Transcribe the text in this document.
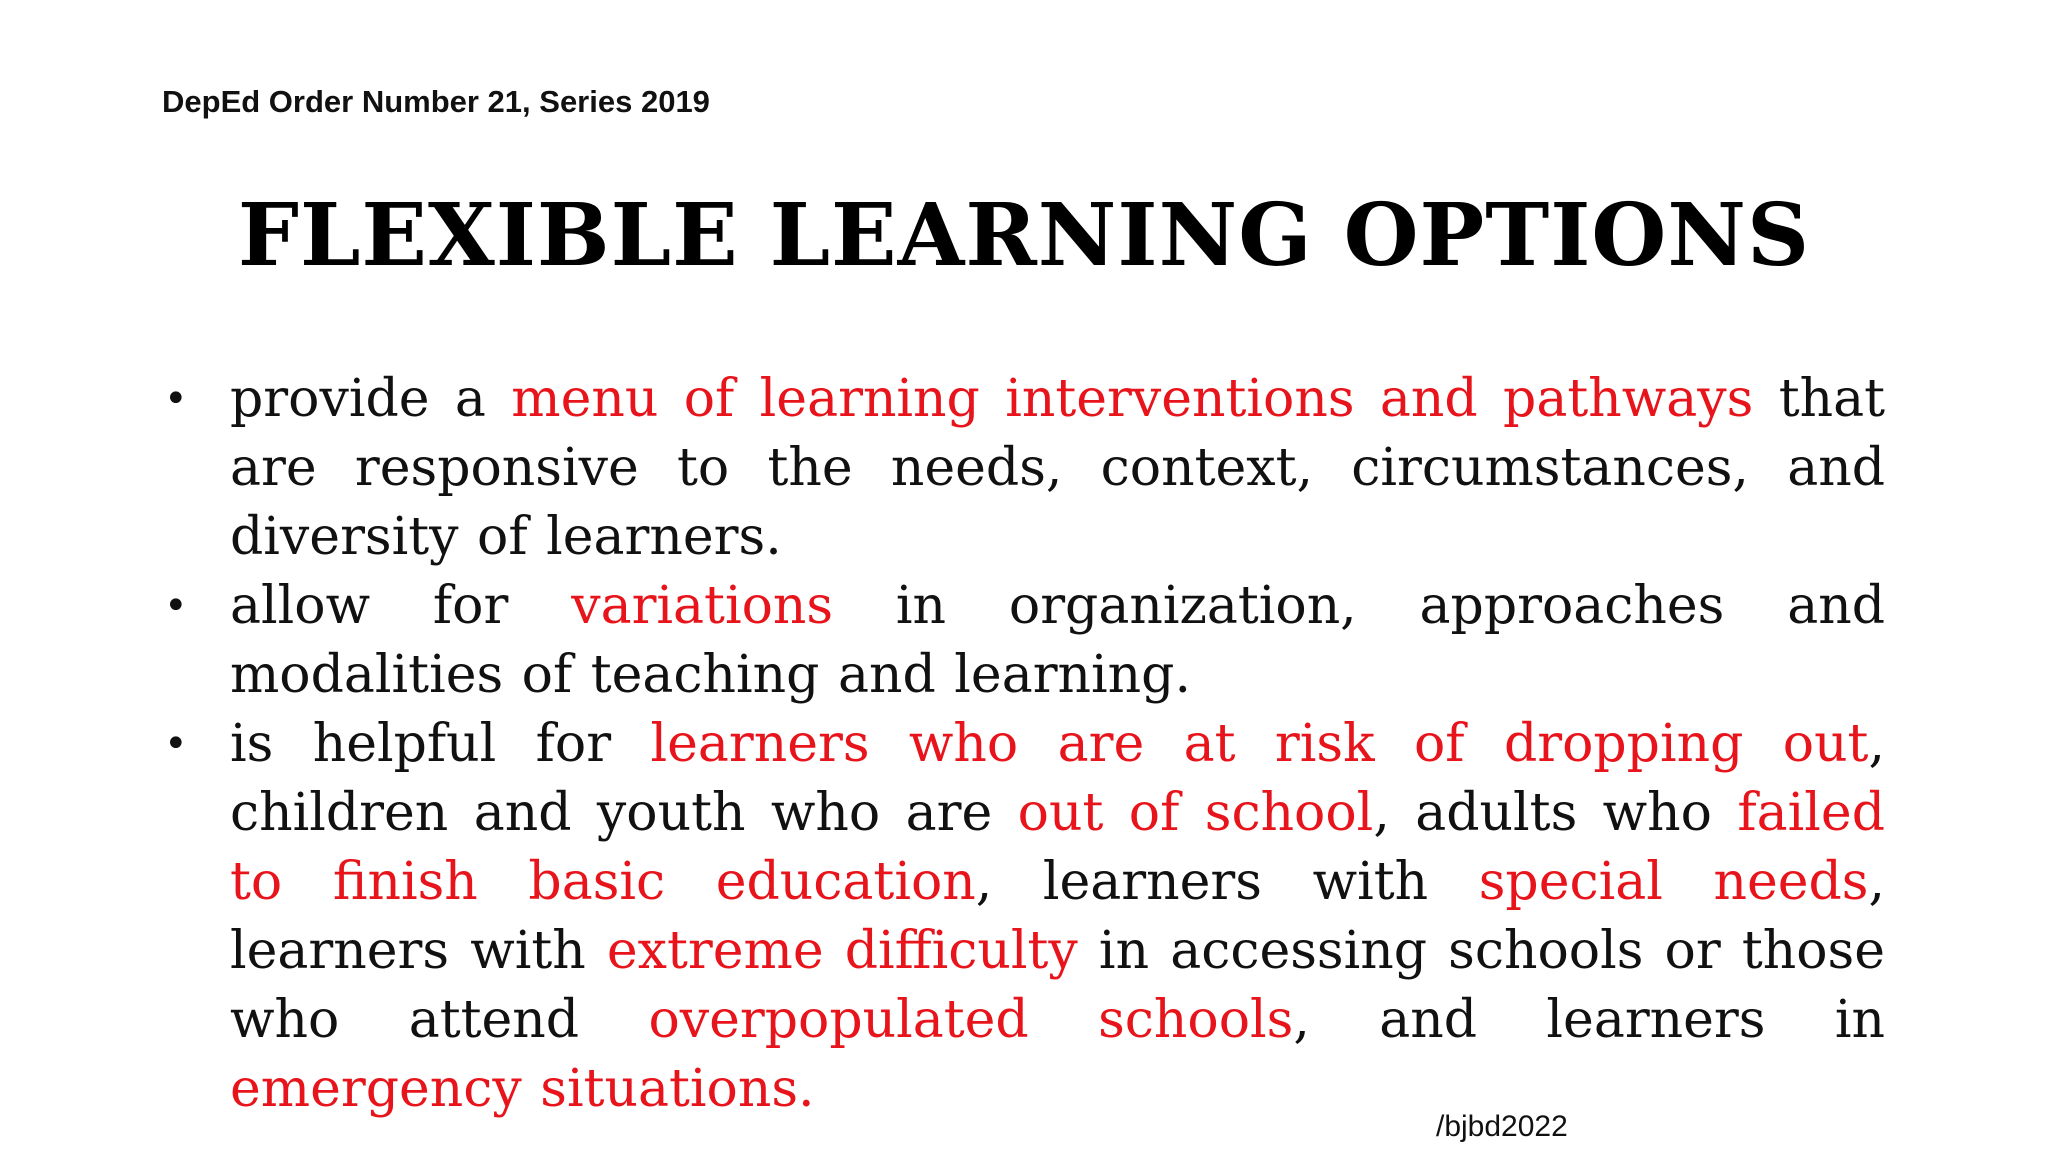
DepEd Order Number 21, Series 2019
FLEXIBLE LEARNING OPTIONS
• provide a menu of learning interventions and pathways that are responsive to the needs, context, circumstances, and diversity of learners.
• allow for variations in organization, approaches and modalities of teaching and learning.
• is helpful for learners who are at risk of dropping out, children and youth who are out of school, adults who failed to finish basic education, learners with special needs, learners with extreme difficulty in accessing schools or those who attend overpopulated schools, and learners in emergency situations.
/bjbd2022
